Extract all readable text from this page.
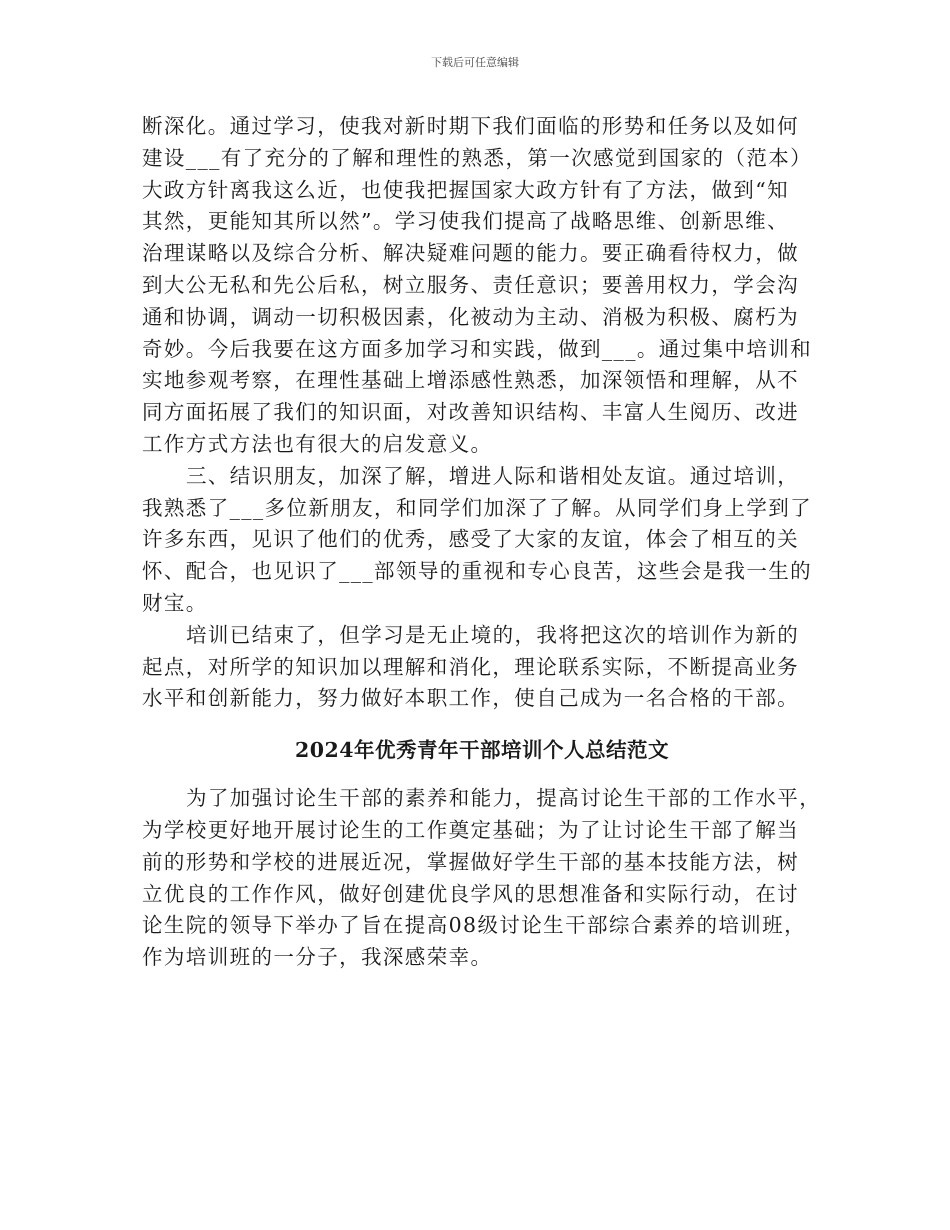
下载后可任意编辑
断深化。通过学习，使我对新时期下我们面临的形势和任务以及如何
建设___有了充分的了解和理性的熟悉，第一次感觉到国家的（范本）
大政方针离我这么近，也使我把握国家大政方针有了方法，做到“知
其然，更能知其所以然”。学习使我们提高了战略思维、创新思维、
治理谋略以及综合分析、解决疑难问题的能力。要正确看待权力，做
到大公无私和先公后私，树立服务、责任意识；要善用权力，学会沟
通和协调，调动一切积极因素，化被动为主动、消极为积极、腐朽为
奇妙。今后我要在这方面多加学习和实践，做到___。通过集中培训和
实地参观考察，在理性基础上增添感性熟悉，加深领悟和理解，从不
同方面拓展了我们的知识面，对改善知识结构、丰富人生阅历、改进
工作方式方法也有很大的启发意义。
三、结识朋友，加深了解，增进人际和谐相处友谊。通过培训，
我熟悉了___多位新朋友，和同学们加深了了解。从同学们身上学到了
许多东西，见识了他们的优秀，感受了大家的友谊，体会了相互的关
怀、配合，也见识了___部领导的重视和专心良苦，这些会是我一生的
财宝。
培训已结束了，但学习是无止境的，我将把这次的培训作为新的
起点，对所学的知识加以理解和消化，理论联系实际，不断提高业务
水平和创新能力，努力做好本职工作，使自己成为一名合格的干部。
2024年优秀青年干部培训个人总结范文
为了加强讨论生干部的素养和能力，提高讨论生干部的工作水平，
为学校更好地开展讨论生的工作奠定基础；为了让讨论生干部了解当
前的形势和学校的进展近况，掌握做好学生干部的基本技能方法，树
立优良的工作作风，做好创建优良学风的思想准备和实际行动，在讨
论生院的领导下举办了旨在提高08级讨论生干部综合素养的培训班，
作为培训班的一分子，我深感荣幸。
